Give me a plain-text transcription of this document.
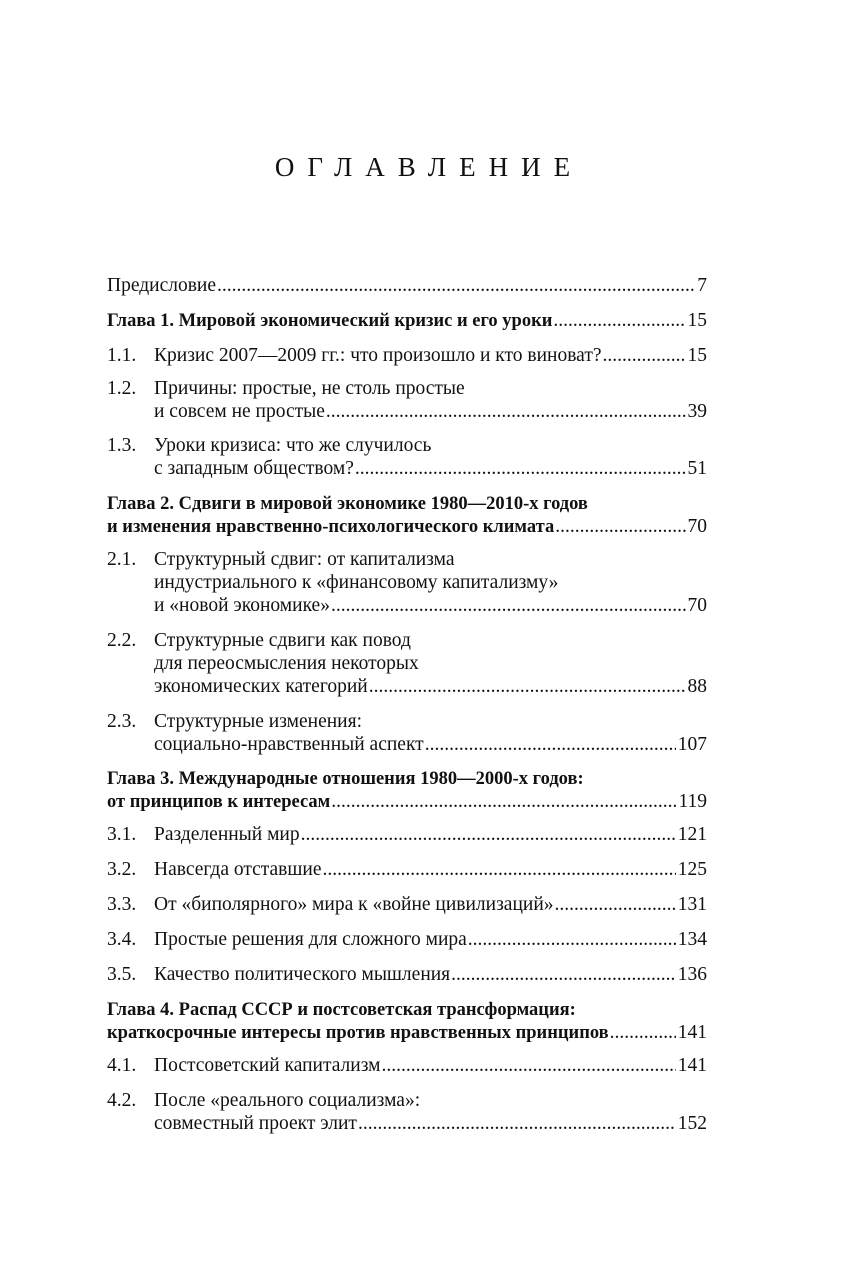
ОГЛАВЛЕНИЕ
Предисловие .....	7
Глава 1. Мировой экономический кризис и его уроки .....	15
1.1. Кризис 2007—2009 гг.: что произошло и кто виноват? .....	15
1.2. Причины: простые, не столь простые
и совсем не простые .....	39
1.3. Уроки кризиса: что же случилось
с западным обществом? .....	51
Глава 2. Сдвиги в мировой экономике 1980—2010-х годов
и изменения нравственно-психологического климата .....	70
2.1. Структурный сдвиг: от капитализма
индустриального к «финансовому капитализму»
и «новой экономике» .....	70
2.2. Структурные сдвиги как повод
для переосмысления некоторых
экономических категорий .....	88
2.3. Структурные изменения:
социально-нравственный аспект .....	107
Глава 3. Международные отношения 1980—2000-х годов:
от принципов к интересам .....	119
3.1. Разделенный мир .....	121
3.2. Навсегда отставшие .....	125
3.3. От «биполярного» мира к «войне цивилизаций» .....	131
3.4. Простые решения для сложного мира .....	134
3.5. Качество политического мышления .....	136
Глава 4. Распад СССР и постсоветская трансформация:
краткосрочные интересы против нравственных принципов .....	141
4.1. Постсоветский капитализм .....	141
4.2. После «реального социализма»:
совместный проект элит .....	152
